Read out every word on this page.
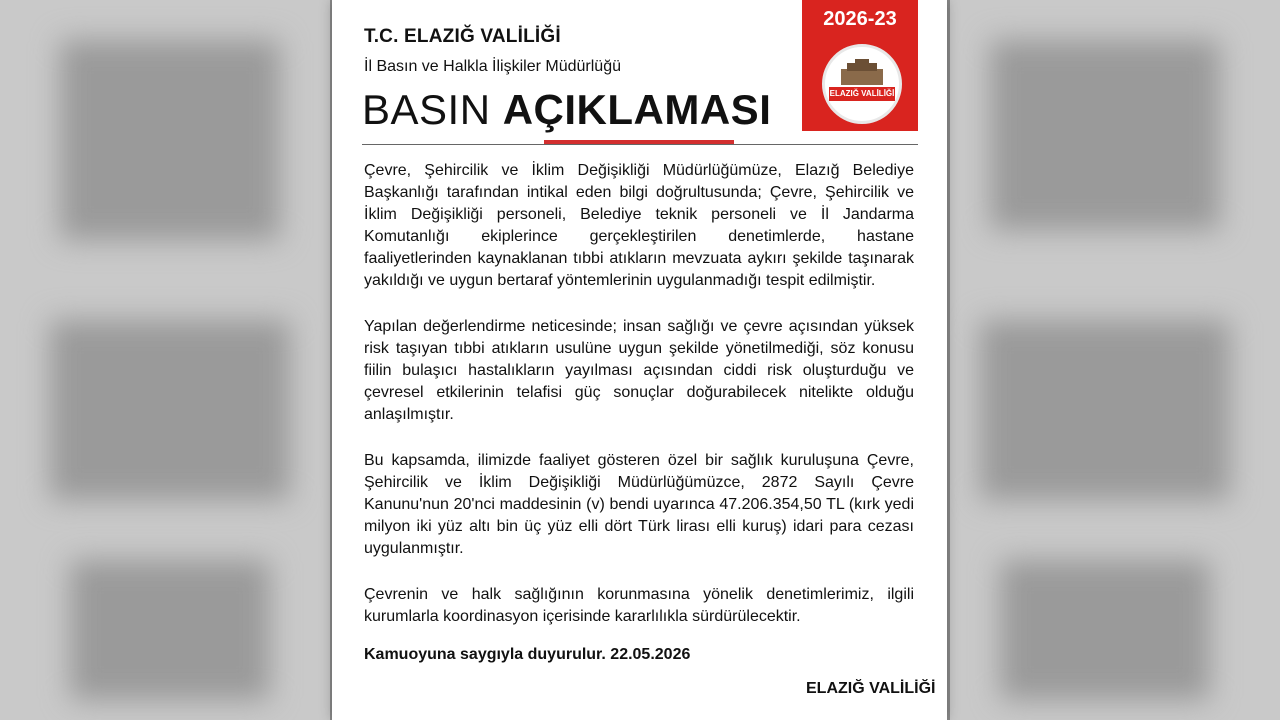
T.C. ELAZIĞ VALİLİĞİ
İl Basın ve Halkla İlişkiler Müdürlüğü
BASIN AÇIKLAMASI
2026-23
ELAZIĞ VALİLİĞİ

Çevre, Şehircilik ve İklim Değişikliği Müdürlüğümüze, Elazığ Belediye Başkanlığı tarafından intikal eden bilgi doğrultusunda; Çevre, Şehircilik ve İklim Değişikliği personeli, Belediye teknik personeli ve İl Jandarma Komutanlığı ekiplerince gerçekleştirilen denetimlerde, hastane faaliyetlerinden kaynaklanan tıbbi atıkların mevzuata aykırı şekilde taşınarak yakıldığı ve uygun bertaraf yöntemlerinin uygulanmadığı tespit edilmiştir.

Yapılan değerlendirme neticesinde; insan sağlığı ve çevre açısından yüksek risk taşıyan tıbbi atıkların usulüne uygun şekilde yönetilmediği, söz konusu fiilin bulaşıcı hastalıkların yayılması açısından ciddi risk oluşturduğu ve çevresel etkilerinin telafisi güç sonuçlar doğurabilecek nitelikte olduğu anlaşılmıştır.

Bu kapsamda, ilimizde faaliyet gösteren özel bir sağlık kuruluşuna Çevre, Şehircilik ve İklim Değişikliği Müdürlüğümüzce, 2872 Sayılı Çevre Kanunu'nun 20'nci maddesinin (v) bendi uyarınca 47.206.354,50 TL (kırk yedi milyon iki yüz altı bin üç yüz elli dört Türk lirası elli kuruş) idari para cezası uygulanmıştır.

Çevrenin ve halk sağlığının korunmasına yönelik denetimlerimiz, ilgili kurumlarla koordinasyon içerisinde kararlılıkla sürdürülecektir.

Kamuoyuna saygıyla duyurulur. 22.05.2026
ELAZIĞ VALİLİĞİ
